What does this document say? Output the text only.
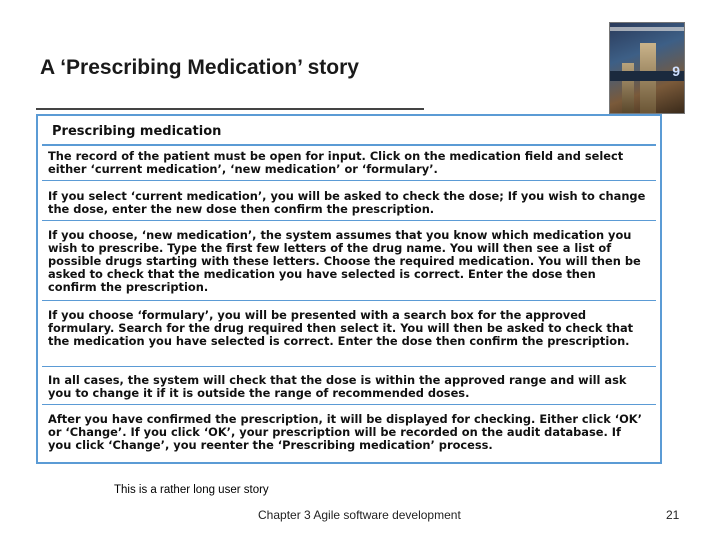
A ‘Prescribing Medication’ story	9
Prescribing medication

The record of the patient must be open for input. Click on the medication field and select either ‘current medication’, ‘new medication’ or ‘formulary’.

If you select ‘current medication’, you will be asked to check the dose; If you wish to change the dose, enter the new dose then confirm the prescription.

If you choose, ‘new medication’, the system assumes that you know which medication you wish to prescribe. Type the first few letters of the drug name. You will then see a list of possible drugs starting with these letters. Choose the required medication. You will then be asked to check that the medication you have selected is correct. Enter the dose then confirm the prescription.

If you choose ‘formulary’, you will be presented with a search box for the approved formulary. Search for the drug required then select it. You will then be asked to check that the medication you have selected is correct. Enter the dose then confirm the prescription.

In all cases, the system will check that the dose is within the approved range and will ask you to change it if it is outside the range of recommended doses.

After you have confirmed the prescription, it will be displayed for checking. Either click ‘OK’ or ‘Change’. If you click ‘OK’, your prescription will be recorded on the audit database. If you click ‘Change’, you reenter the ‘Prescribing medication’ process.

This is a rather long user story
Chapter 3 Agile software development	21
